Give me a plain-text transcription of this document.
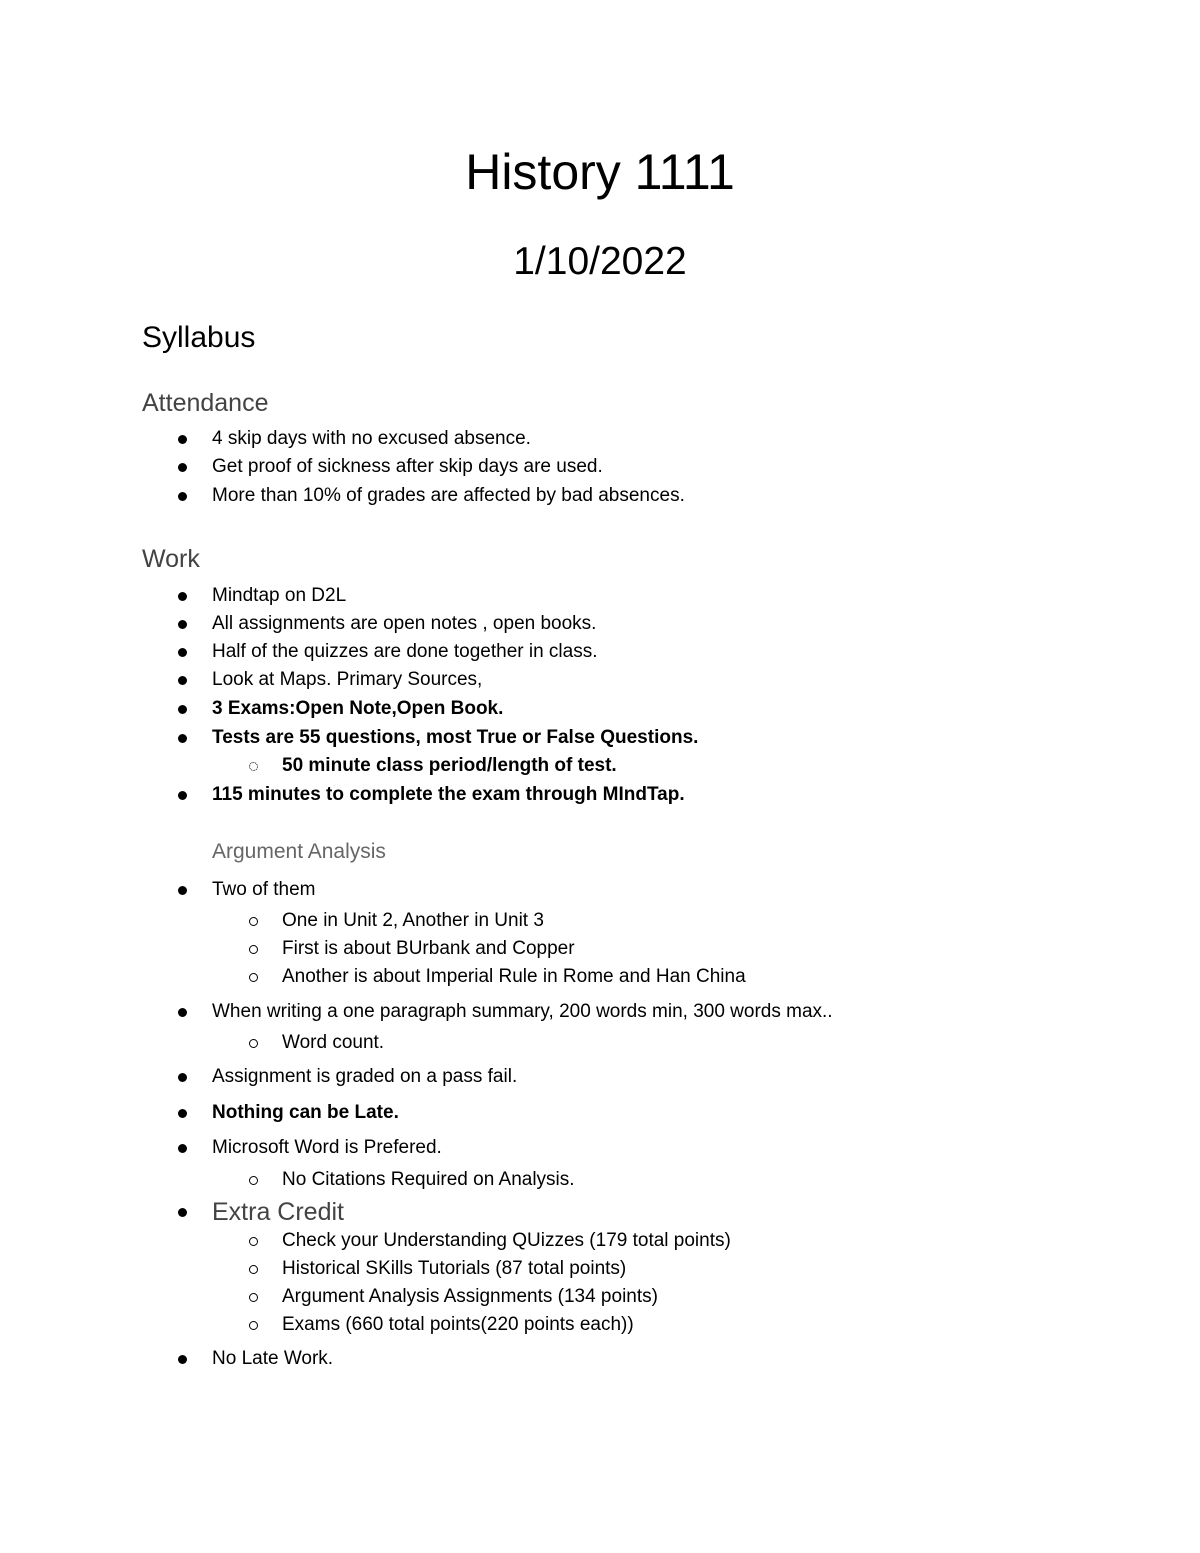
History 1111
1/10/2022
Syllabus
Attendance
4 skip days with no excused absence.
Get proof of sickness after skip days are used.
More than 10% of grades are affected by bad absences.
Work
Mindtap on D2L
All assignments are open notes , open books.
Half of the quizzes are done together in class.
Look at Maps. Primary Sources,
3 Exams:Open Note,Open Book.
Tests are 55 questions, most True or False Questions.
50 minute class period/length of test.
115 minutes to complete the exam through MIndTap.
Argument Analysis
Two of them
One in Unit 2, Another in Unit 3
First is about BUrbank and Copper
Another is about Imperial Rule in Rome and Han China
When writing a one paragraph summary, 200 words min, 300 words max..
Word count.
Assignment is graded on a pass fail.
Nothing can be Late.
Microsoft Word is Prefered.
No Citations Required on Analysis.
Extra Credit
Check your Understanding QUizzes (179 total points)
Historical SKills Tutorials (87 total points)
Argument Analysis Assignments (134 points)
Exams (660 total points(220 points each))
No Late Work.
